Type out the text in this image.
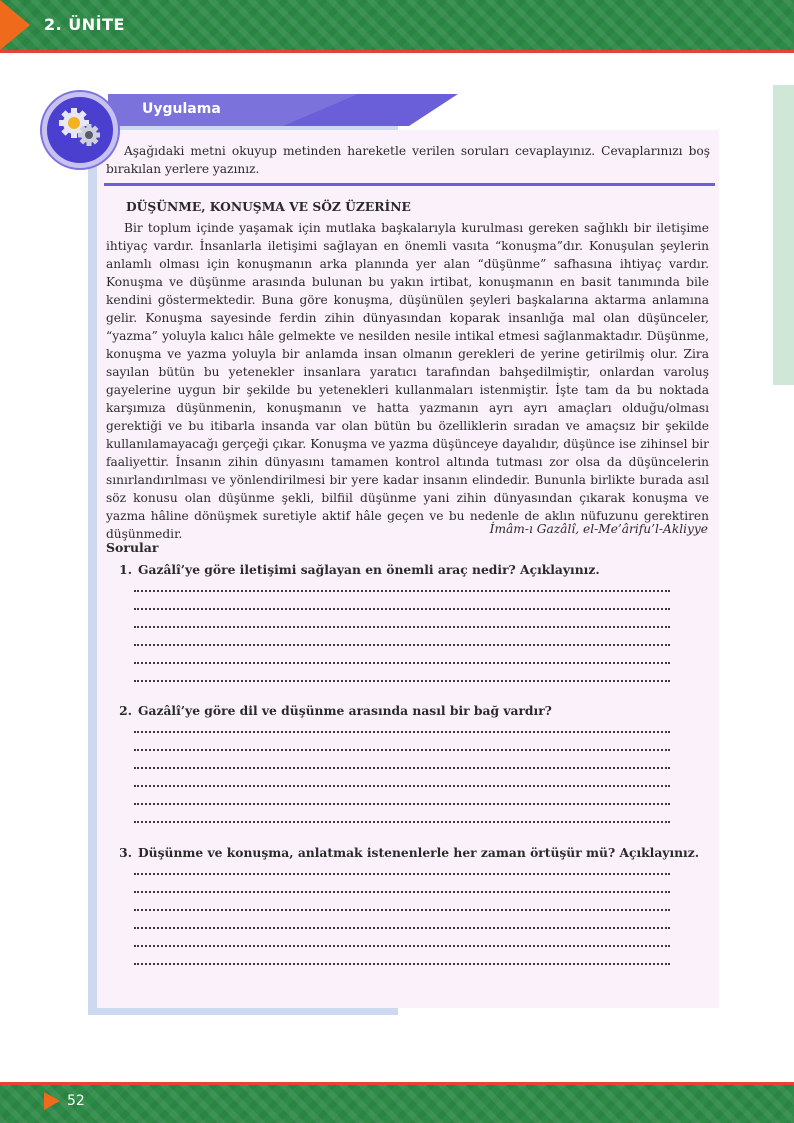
2. ÜNİTE
Uygulama
Aşağıdaki metni okuyup metinden hareketle verilen soruları cevaplayınız. Cevaplarınızı boş bırakılan yerlere yazınız.
DÜŞÜNME, KONUŞMA VE SÖZ ÜZERİNE
Bir toplum içinde yaşamak için mutlaka başkalarıyla kurulması gereken sağlıklı bir iletişime ihtiyaç vardır. İnsanlarla iletişimi sağlayan en önemli vasıta “konuşma”dır. Konuşulan şeylerin anlamlı olması için konuşmanın arka planında yer alan “düşünme” safhasına ihtiyaç vardır. Konuşma ve düşünme arasında bulunan bu yakın irtibat, konuşmanın en basit tanımında bile kendini göstermektedir. Buna göre konuşma, düşünülen şeyleri başkalarına aktarma anlamına gelir. Konuşma sayesinde ferdin zihin dünyasından koparak insanlığa mal olan düşünceler, “yazma” yoluyla kalıcı hâle gelmekte ve nesilden nesile intikal etmesi sağlanmaktadır. Düşünme, konuşma ve yazma yoluyla bir anlamda insan olmanın gerekleri de yerine getirilmiş olur. Zira sayılan bütün bu yetenekler insanlara yaratıcı tarafından bahşedilmiştir, onlardan varoluş gayelerine uygun bir şekilde bu yetenekleri kullanmaları istenmiştir. İşte tam da bu noktada karşımıza düşünmenin, konuşmanın ve hatta yazmanın ayrı ayrı amaçları olduğu/olması gerektiği ve bu itibarla insanda var olan bütün bu özelliklerin sıradan ve amaçsız bir şekilde kullanılamayacağı gerçeği çıkar. Konuşma ve yazma düşünceye dayalıdır, düşünce ise zihinsel bir faaliyettir. İnsanın zihin dünyasını tamamen kontrol altında tutması zor olsa da düşüncelerin sınırlandırılması ve yönlendirilmesi bir yere kadar insanın elindedir. Bununla birlikte burada asıl söz konusu olan düşünme şekli, bilfiil düşünme yani zihin dünyasından çıkarak konuşma ve yazma hâline dönüşmek suretiyle aktif hâle geçen ve bu nedenle de aklın nüfuzunu gerektiren düşünmedir.	İmâm-ı Gazâlî, el-Me’ârifu’l-Akliyye
Sorular
1. Gazâlî’ye göre iletişimi sağlayan en önemli araç nedir? Açıklayınız.
2. Gazâlî’ye göre dil ve düşünme arasında nasıl bir bağ vardır?
3. Düşünme ve konuşma, anlatmak istenenlerle her zaman örtüşür mü? Açıklayınız.
52
